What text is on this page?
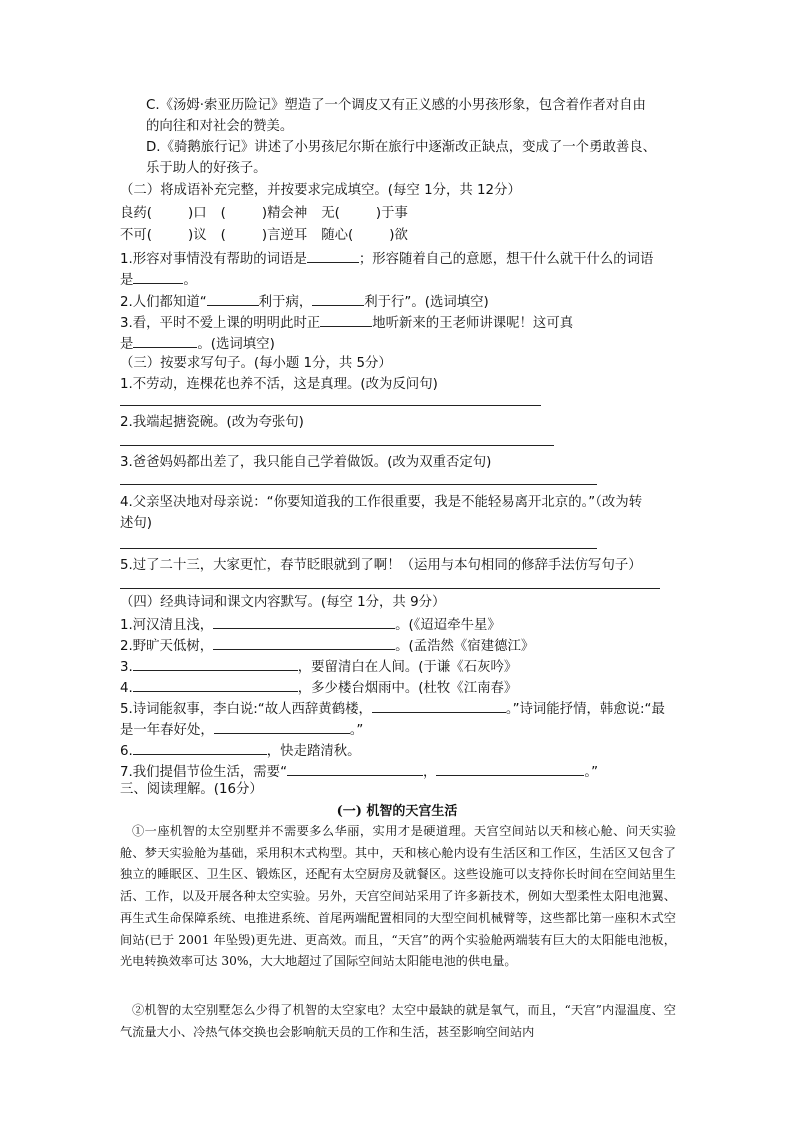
C.《汤姆·索亚历险记》塑造了一个调皮又有正义感的小男孩形象，包含着作者对自由
的向往和对社会的赞美。
D.《骑鹅旅行记》讲述了小男孩尼尔斯在旅行中逐渐改正缺点，变成了一个勇敢善良、
乐于助人的好孩子。
（二）将成语补充完整，并按要求完成填空。(每空 1分，共 12分）
良药(	)口 (	)精会神 无(	)于事
不可(	)议 (	)言逆耳 随心(	)欲
1.形容对事情没有帮助的词语是	；形容随着自己的意愿，想干什么就干什么的词语
是	。
2.人们都知道“	利于病，	利于行”。(选词填空)
3.看，平时不爱上课的明明此时正	地听新来的王老师讲课呢！这可真
是	。(选词填空)
（三）按要求写句子。(每小题 1分，共 5分）
1.不劳动，连棵花也养不活，这是真理。(改为反问句)
2.我端起搪瓷碗。(改为夸张句)
3.爸爸妈妈都出差了，我只能自己学着做饭。(改为双重否定句)
4.父亲坚决地对母亲说：“你要知道我的工作很重要，我是不能轻易离开北京的。”（改为转
述句)
5.过了二十三，大家更忙，春节眨眼就到了啊！（运用与本句相同的修辞手法仿写句子）
（四）经典诗词和课文内容默写。(每空 1分，共 9分）
1.河汉清且浅，	。(《迢迢牵牛星》
2.野旷天低树，	。(孟浩然《宿建德江》
3.	，要留清白在人间。(于谦《石灰吟》
4.	，多少楼台烟雨中。(杜牧《江南春》
5.诗词能叙事，李白说:“故人西辞黄鹤楼，	。”诗词能抒情，韩愈说:“最
是一年春好处，	。”
6.	，快走踏清秋。
7.我们提倡节俭生活，需要“	，	。”
三、阅读理解。(16分）
(一) 机智的天宫生活
①一座机智的太空别墅并不需要多么华丽，实用才是硬道理。天宫空间站以天和核心舱、问天实验舱、梦天实验舱为基础，采用积木式构型。其中，天和核心舱内设有生活区和工作区，生活区又包含了独立的睡眠区、卫生区、锻炼区，还配有太空厨房及就餐区。这些设施可以支持你长时间在空间站里生活、工作，以及开展各种太空实验。另外，天宫空间站采用了许多新技术，例如大型柔性太阳电池翼、再生式生命保障系统、电推进系统、首尾两端配置相同的大型空间机械臂等，这些都比第一座积木式空间站(已于 2001 年坠毁)更先进、更高效。而且，“天宫”的两个实验舱两端装有巨大的太阳能电池板，光电转换效率可达 30%，大大地超过了国际空间站太阳能电池的供电量。
②机智的太空别墅怎么少得了机智的太空家电？太空中最缺的就是氧气，而且，“天宫”内湿温度、空气流量大小、冷热气体交换也会影响航天员的工作和生活，甚至影响空间站内
